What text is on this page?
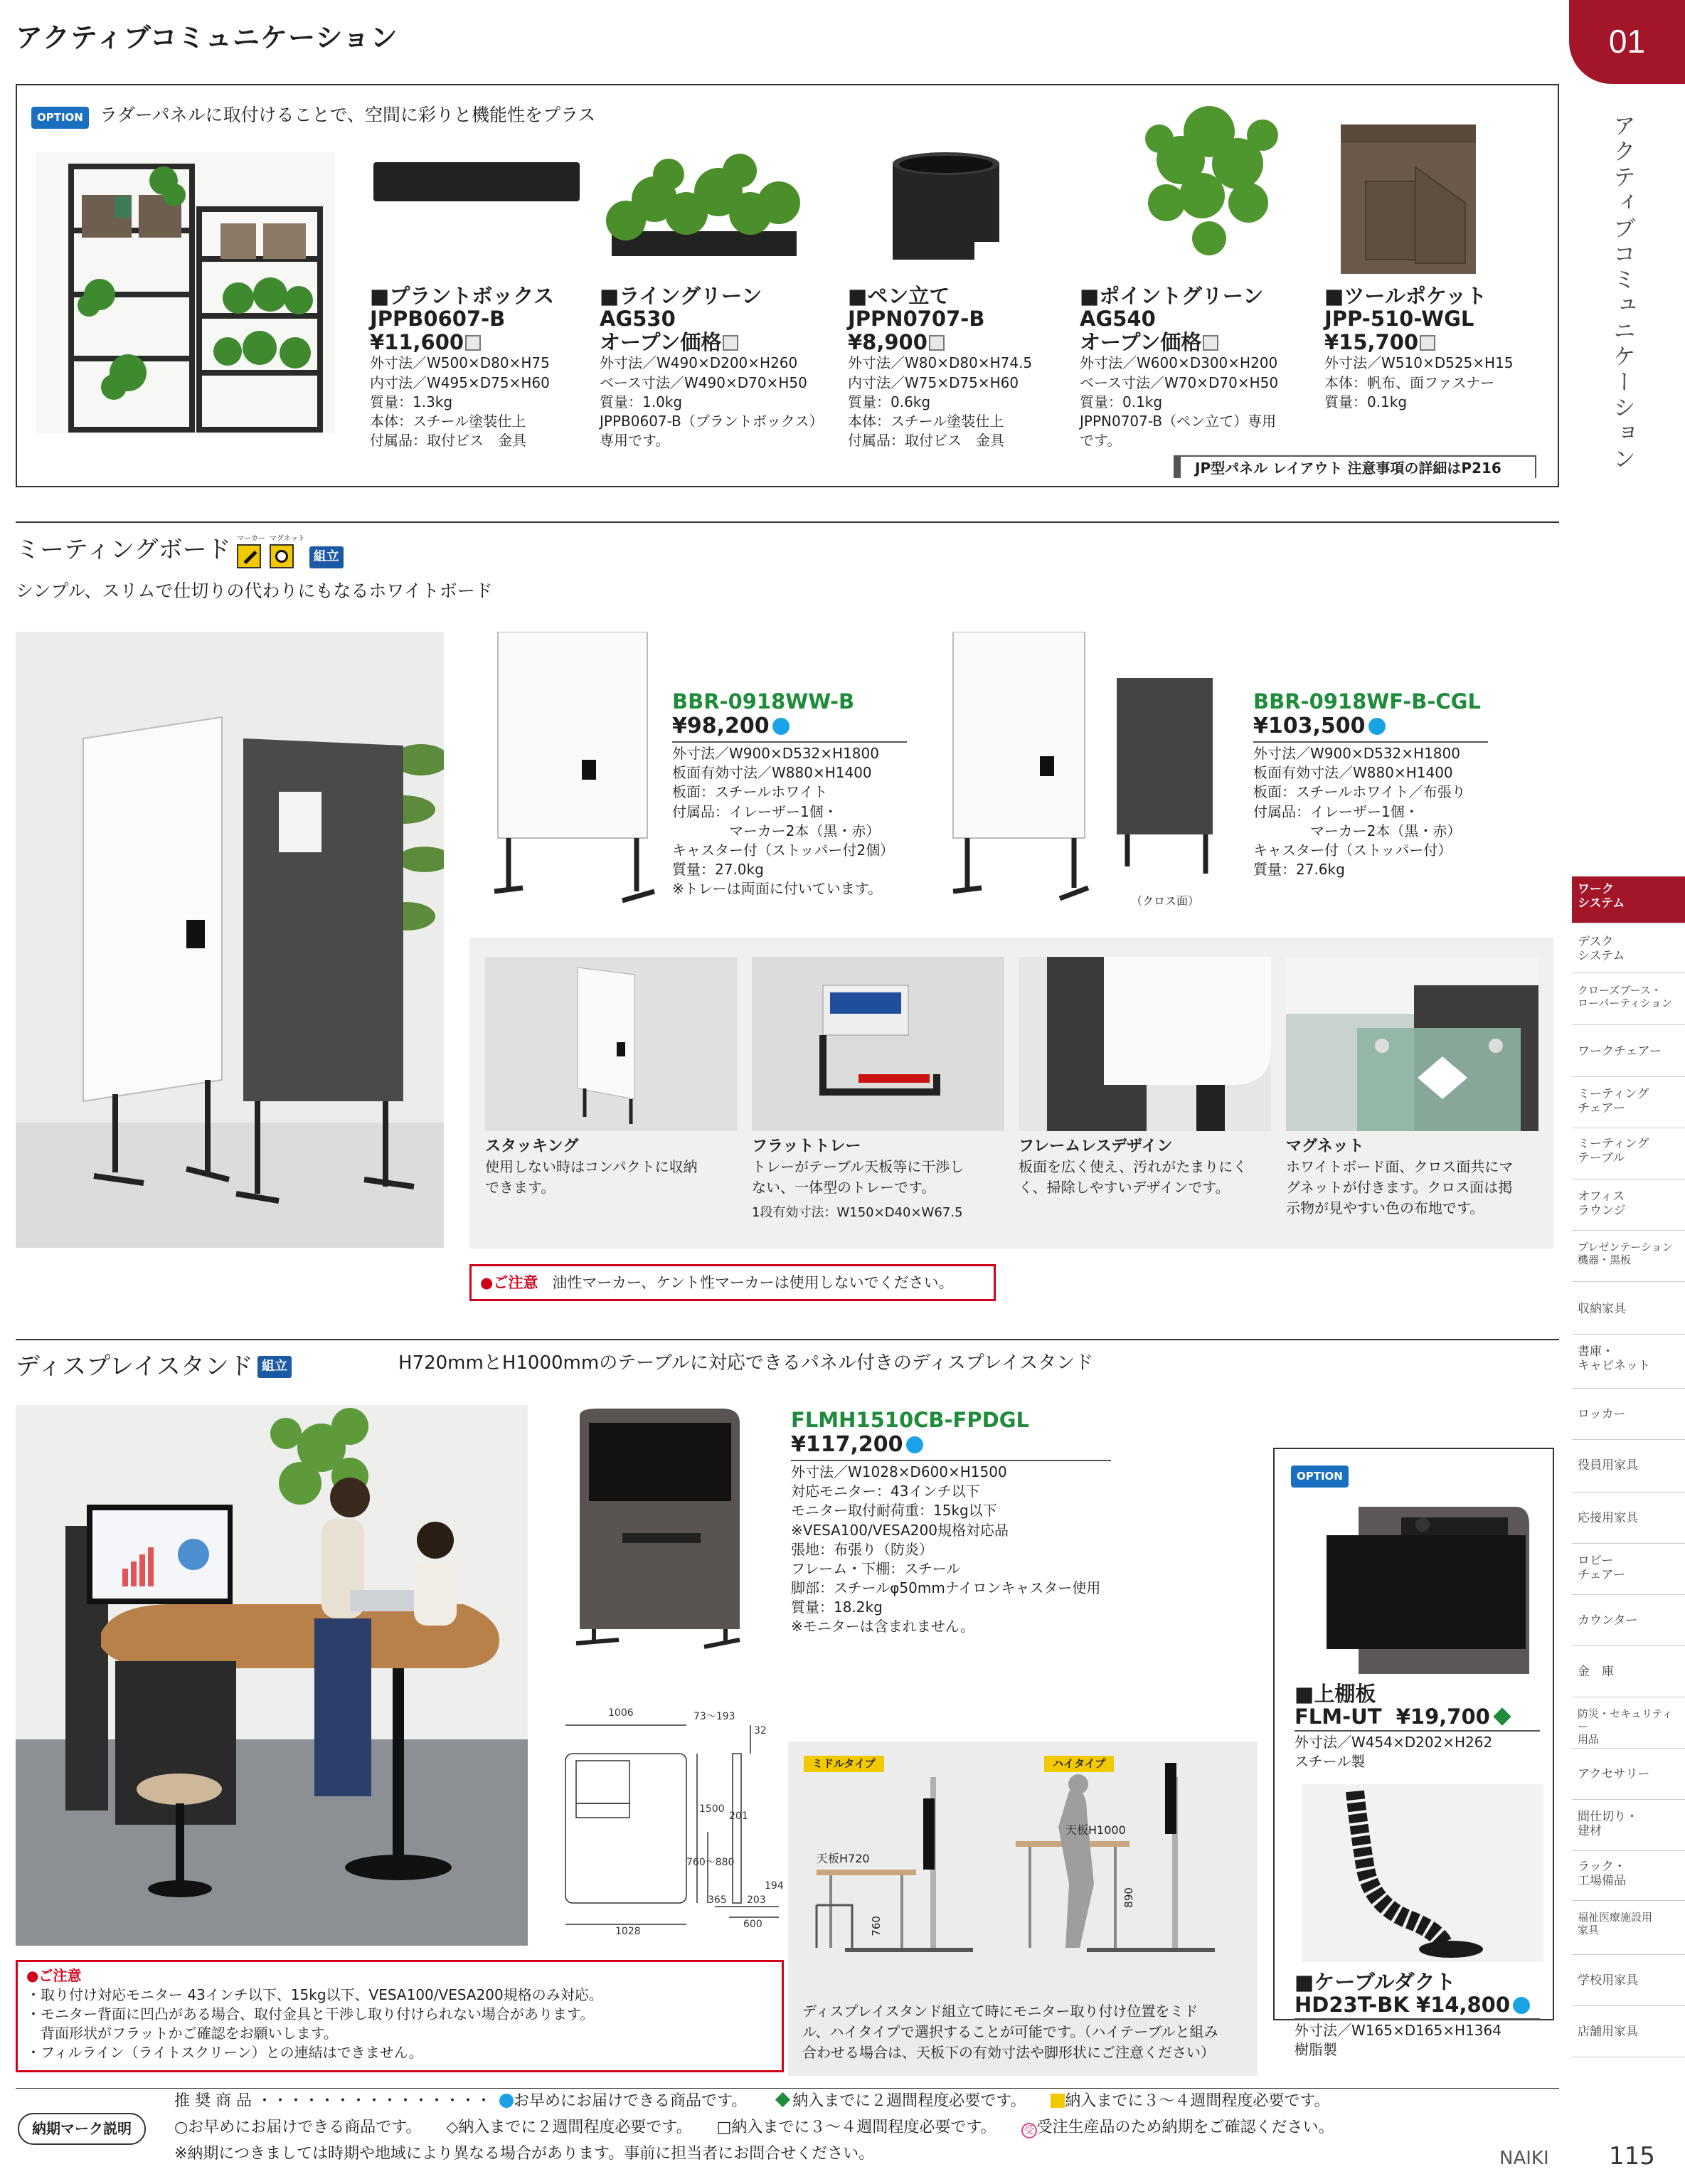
アクティブコミュニケーション	01
アクティブコミュニケーション
OPTION ラダーパネルに取付けることで、空間に彩りと機能性をプラス
■プラントボックス
JPPB0607-B
¥11,600
外寸法／W500×D80×H75
内寸法／W495×D75×H60
質量：1.3kg
本体：スチール塗装仕上
付属品：取付ビス　金具
■ライングリーン
AG530
オープン価格
外寸法／W490×D200×H260
ベース寸法／W490×D70×H50
質量：1.0kg
JPPB0607-B（プラントボックス）
専用です。
■ペン立て
JPPN0707-B
¥8,900
外寸法／W80×D80×H74.5
内寸法／W75×D75×H60
質量：0.6kg
本体：スチール塗装仕上
付属品：取付ビス　金具
■ポイントグリーン
AG540
オープン価格
外寸法／W600×D300×H200
ベース寸法／W70×D70×H50
質量：0.1kg
JPPN0707-B（ペン立て）専用
です。
■ツールポケット
JPP-510-WGL
¥15,700
外寸法／W510×D525×H15
本体：帆布、面ファスナー
質量：0.1kg
JP型パネル レイアウト 注意事項の詳細はP216
ミーティングボード マーカー マグネット
組立
シンプル、スリムで仕切りの代わりにもなるホワイトボード
BBR-0918WW-B
¥98,200
外寸法／W900×D532×H1800
板面有効寸法／W880×H1400
板面：スチールホワイト
付属品：イレーザー1個・
　　　　マーカー2本（黒・赤）
キャスター付（ストッパー付2個）
質量：27.0kg
※トレーは両面に付いています。
（クロス面）
BBR-0918WF-B-CGL
¥103,500
外寸法／W900×D532×H1800
板面有効寸法／W880×H1400
板面：スチールホワイト／布張り
付属品：イレーザー1個・
　　　　マーカー2本（黒・赤）
キャスター付（ストッパー付）
質量：27.6kg
スタッキング
使用しない時はコンパクトに収納
できます。
フラットトレー
トレーがテーブル天板等に干渉し
ない、一体型のトレーです。
1段有効寸法：W150×D40×W67.5
フレームレスデザイン
板面を広く使え、汚れがたまりにく
く、掃除しやすいデザインです。
マグネット
ホワイトボード面、クロス面共にマ
グネットが付きます。クロス面は掲
示物が見やすい色の布地です。
●ご注意 油性マーカー、ケント性マーカーは使用しないでください。
ディスプレイスタンド 組立	H720mmとH1000mmのテーブルに対応できるパネル付きのディスプレイスタンド
FLMH1510CB-FPDGL
¥117,200
外寸法／W1028×D600×H1500
対応モニター：43インチ以下
モニター取付耐荷重：15kg以下
※VESA100/VESA200規格対応品
張地：布張り（防炎）
フレーム・下棚：スチール
脚部：スチールφ50mmナイロンキャスター使用
質量：18.2kg
※モニターは含まれません。
1006
1028
73〜193
32
1500
760〜880
201
365 203
194
600
ミドルタイプ	ハイタイプ
天板H720
天板H1000
760
890
ディスプレイスタンド組立て時にモニター取り付け位置をミド
ル、ハイタイプで選択することが可能です。（ハイテーブルと組み
合わせる場合は、天板下の有効寸法や脚形状にご注意ください）
●ご注意
・取り付け対応モニター 43インチ以下、15kg以下、VESA100/VESA200規格のみ対応。
・モニター背面に凹凸がある場合、取付金具と干渉し取り付けられない場合があります。
　背面形状がフラットかご確認をお願いします。
・フィルライン（ライトスクリーン）との連結はできません。
OPTION
■上棚板
FLM-UT ¥19,700
外寸法／W454×D202×H262
スチール製
■ケーブルダクト
HD23T-BK ¥14,800
外寸法／W165×D165×H1364
樹脂製
ワーク
システム
デスク
システム
クローズブース・
ローパーティション
ワークチェアー
ミーティング
チェアー
ミーティング
テーブル
オフィス
ラウンジ
プレゼンテーション
機器・黒板
収納家具
書庫・
キャビネット
ロッカー
役員用家具
応接用家具
ロビー
チェアー
カウンター
金　庫
防災・セキュリティー
用品
アクセサリー
間仕切り・
建材
ラック・
工場備品
福祉医療施設用
家具
学校用家具
店舗用家具
納期マーク説明
推 奨 商 品 ・・・・・・・・・・・・・・・ お早めにお届けできる商品です。	納入までに２週間程度必要です。 納入までに３〜４週間程度必要です。
○お早めにお届けできる商品です。 ◇納入までに２週間程度必要です。 □納入までに３〜４週間程度必要です。	受 受注生産品のため納期をご確認ください。
※納期につきましては時期や地域により異なる場合があります。事前に担当者にお問合せください。	NAIKI 115
